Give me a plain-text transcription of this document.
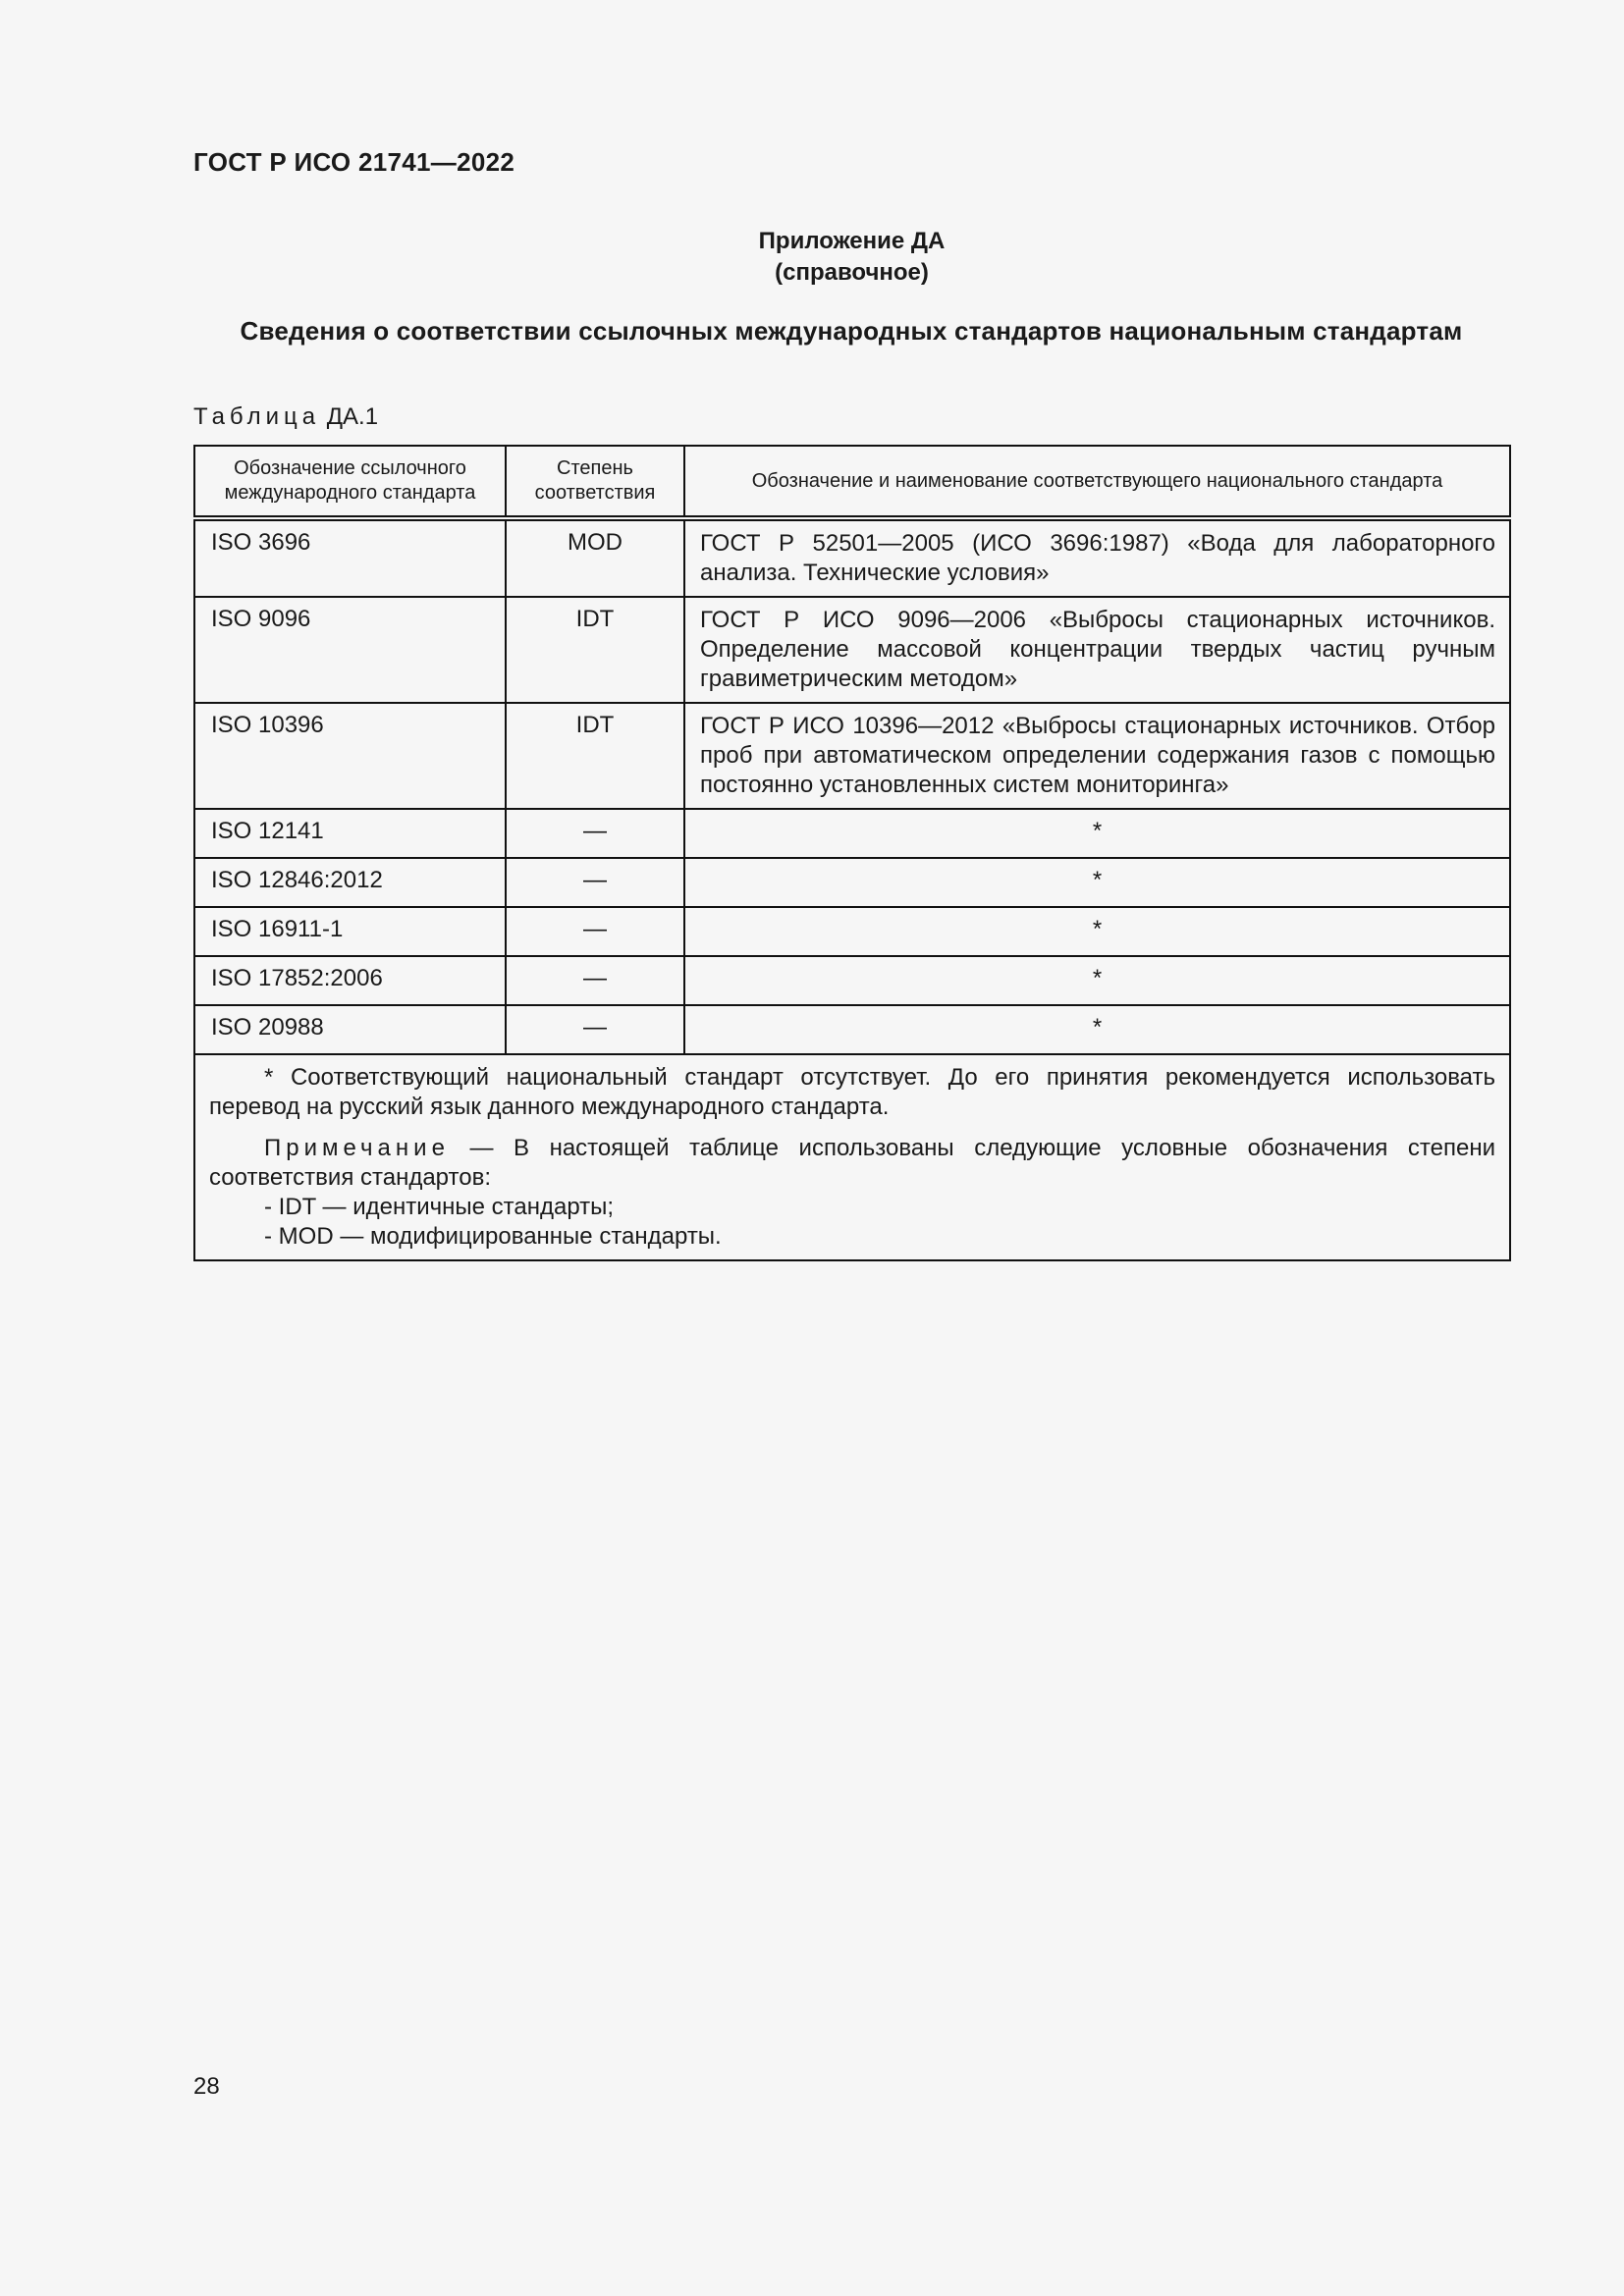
ГОСТ Р ИСО 21741—2022
Приложение ДА
(справочное)
Сведения о соответствии ссылочных международных стандартов национальным стандартам
Таблица ДА.1
Обозначение ссылочного международного стандарта	Степень соответствия	Обозначение и наименование соответствующего национального стандарта
ISO 3696	MOD	ГОСТ Р 52501—2005 (ИСО 3696:1987) «Вода для лабораторного анализа. Технические условия»
ISO 9096	IDT	ГОСТ Р ИСО 9096—2006 «Выбросы стационарных источников. Определение массовой концентрации твердых частиц ручным гравиметрическим методом»
ISO 10396	IDT	ГОСТ Р ИСО 10396—2012 «Выбросы стационарных источников. Отбор проб при автоматическом определении содержания газов с помощью постоянно установленных систем мониторинга»
ISO 12141	—	*
ISO 12846:2012	—	*
ISO 16911-1	—	*
ISO 17852:2006	—	*
ISO 20988	—	*

* Соответствующий национальный стандарт отсутствует. До его принятия рекомендуется использовать перевод на русский язык данного международного стандарта.

Примечание — В настоящей таблице использованы следующие условные обозначения степени соответствия стандартов:

- IDT — идентичные стандарты;
- MOD — модифицированные стандарты.		
28
